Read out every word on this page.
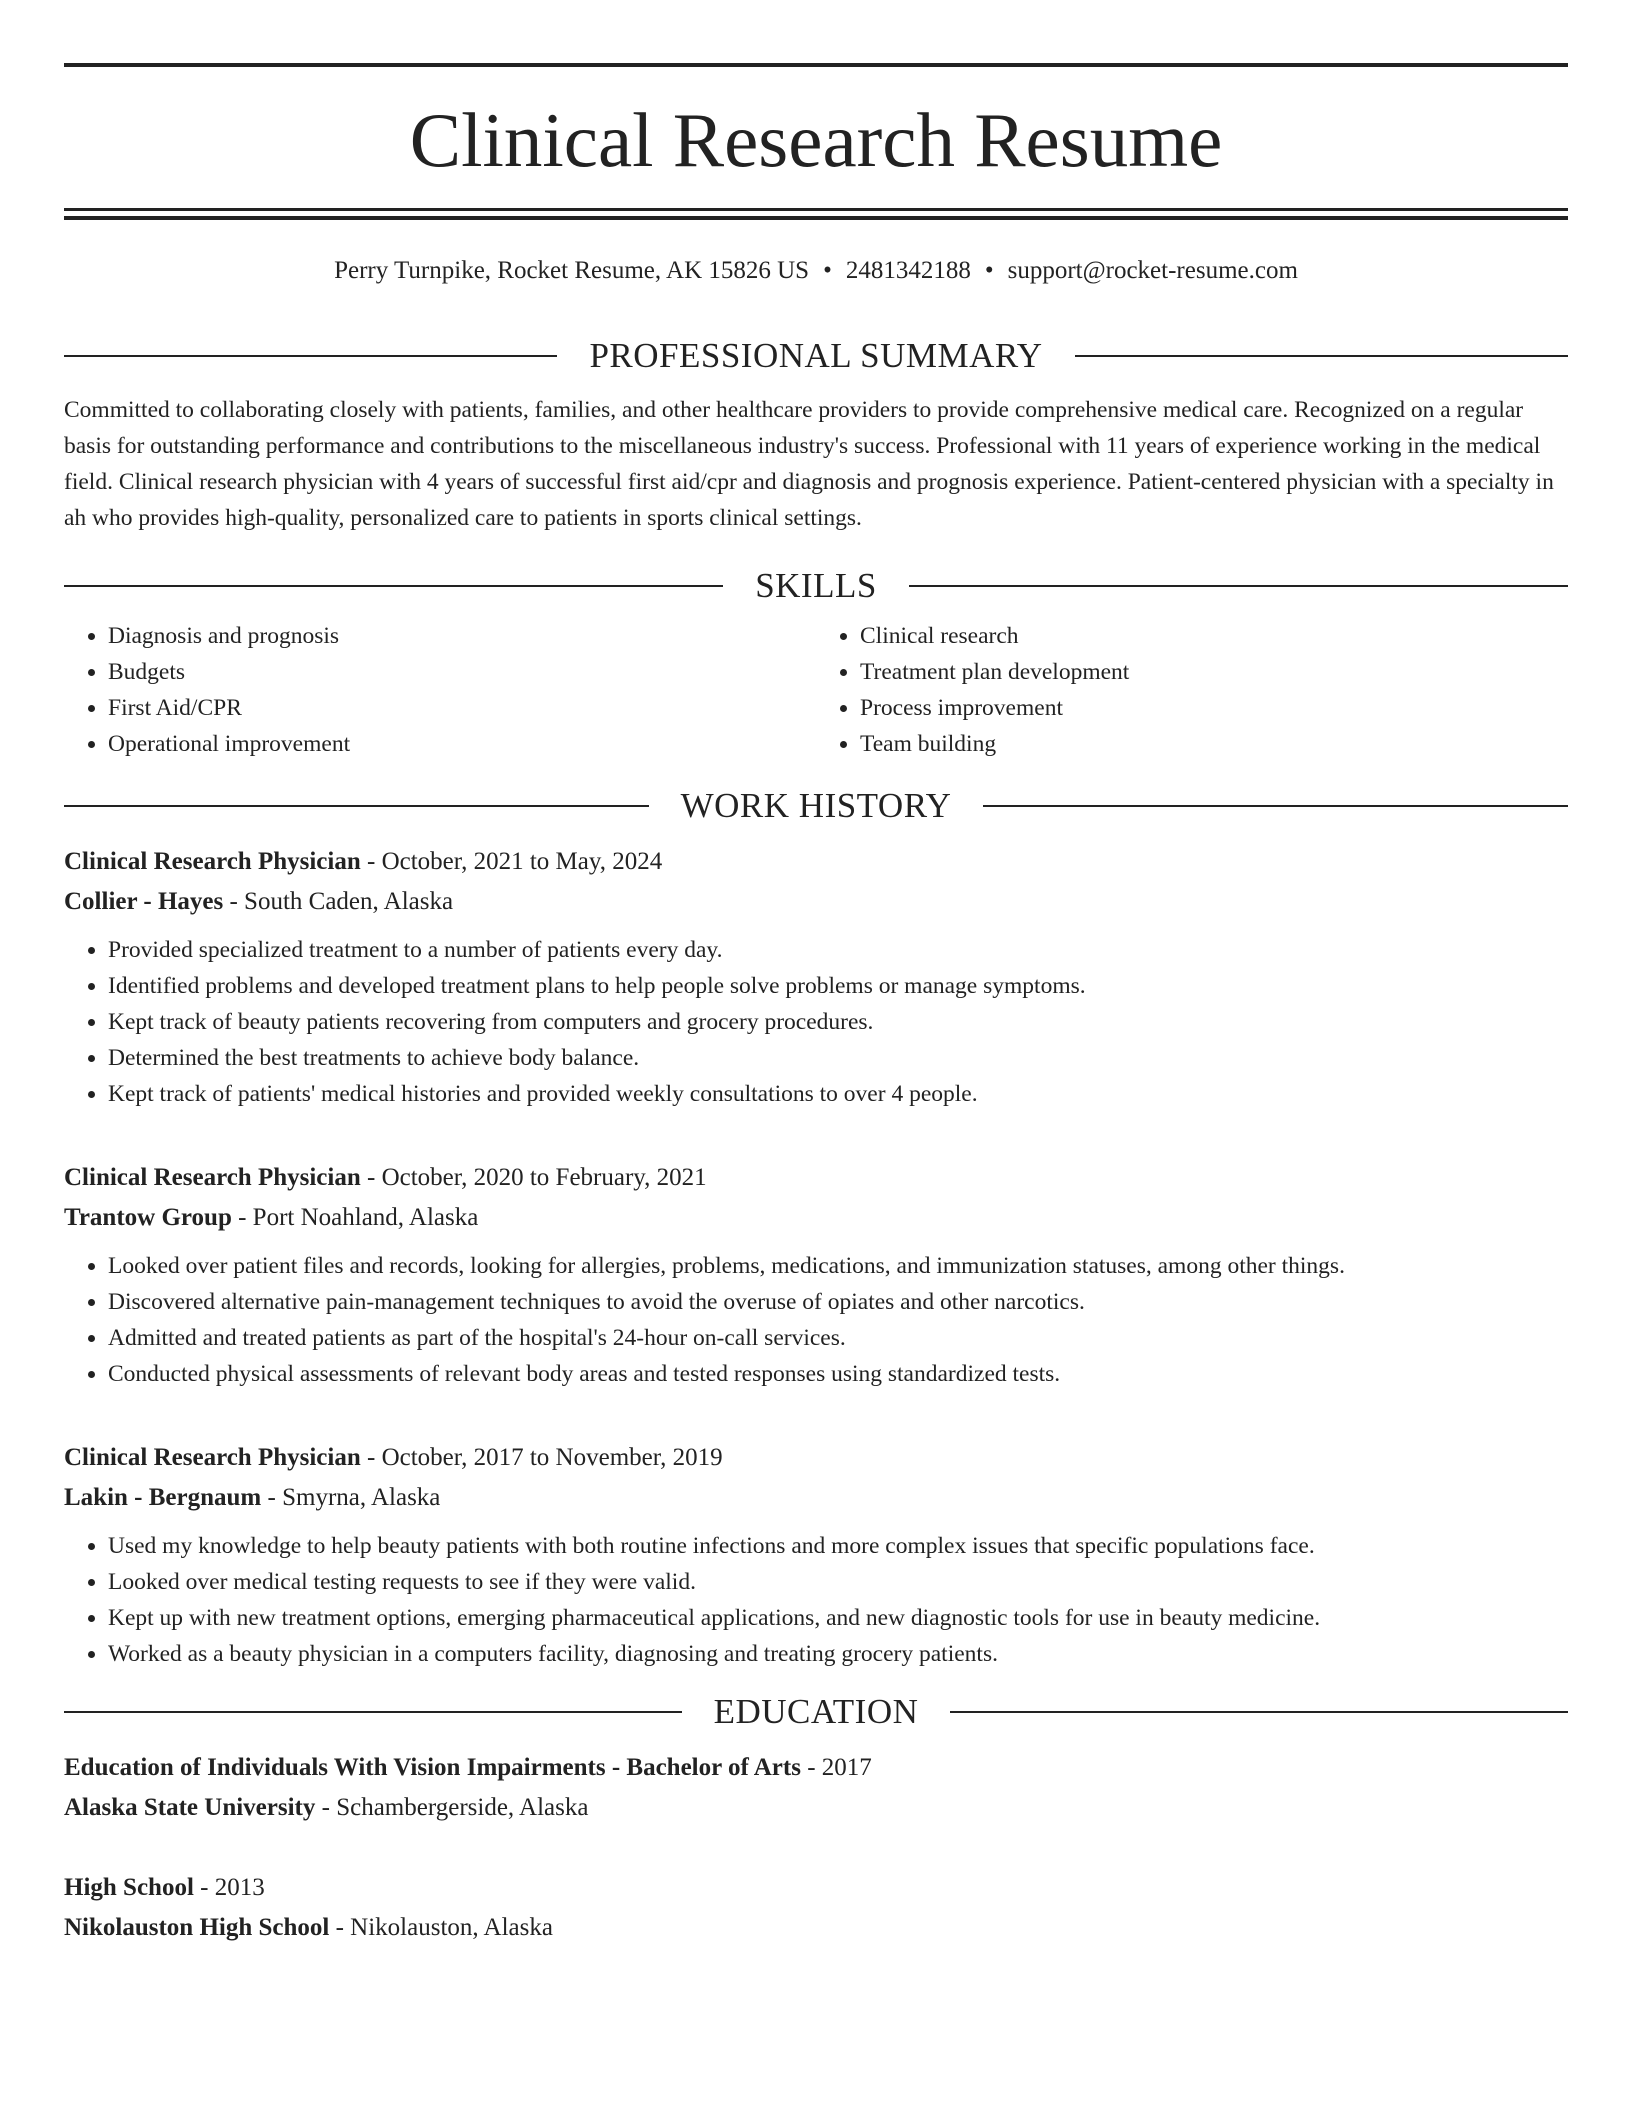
Clinical Research Resume
Perry Turnpike, Rocket Resume, AK 15826 US • 2481342188 • support@rocket-resume.com
PROFESSIONAL SUMMARY

Committed to collaborating closely with patients, families, and other healthcare providers to provide comprehensive medical care. Recognized on a regular basis for outstanding performance and contributions to the miscellaneous industry's success. Professional with 11 years of experience working in the medical field. Clinical research physician with 4 years of successful first aid/cpr and diagnosis and prognosis experience. Patient-centered physician with a specialty in ah who provides high-quality, personalized care to patients in sports clinical settings.

SKILLS
• Diagnosis and prognosis
• Budgets
• First Aid/CPR
• Operational improvement
• Clinical research
• Treatment plan development
• Process improvement
• Team building
WORK HISTORY
Clinical Research Physician - October, 2021 to May, 2024
Collier - Hayes - South Caden, Alaska
• Provided specialized treatment to a number of patients every day.
• Identified problems and developed treatment plans to help people solve problems or manage symptoms.
• Kept track of beauty patients recovering from computers and grocery procedures.
• Determined the best treatments to achieve body balance.
• Kept track of patients' medical histories and provided weekly consultations to over 4 people.
Clinical Research Physician - October, 2020 to February, 2021
Trantow Group - Port Noahland, Alaska
• Looked over patient files and records, looking for allergies, problems, medications, and immunization statuses, among other things.
• Discovered alternative pain-management techniques to avoid the overuse of opiates and other narcotics.
• Admitted and treated patients as part of the hospital's 24-hour on-call services.
• Conducted physical assessments of relevant body areas and tested responses using standardized tests.
Clinical Research Physician - October, 2017 to November, 2019
Lakin - Bergnaum - Smyrna, Alaska
• Used my knowledge to help beauty patients with both routine infections and more complex issues that specific populations face.
• Looked over medical testing requests to see if they were valid.
• Kept up with new treatment options, emerging pharmaceutical applications, and new diagnostic tools for use in beauty medicine.
• Worked as a beauty physician in a computers facility, diagnosing and treating grocery patients.
EDUCATION
Education of Individuals With Vision Impairments - Bachelor of Arts - 2017
Alaska State University - Schambergerside, Alaska
High School - 2013
Nikolauston High School - Nikolauston, Alaska
